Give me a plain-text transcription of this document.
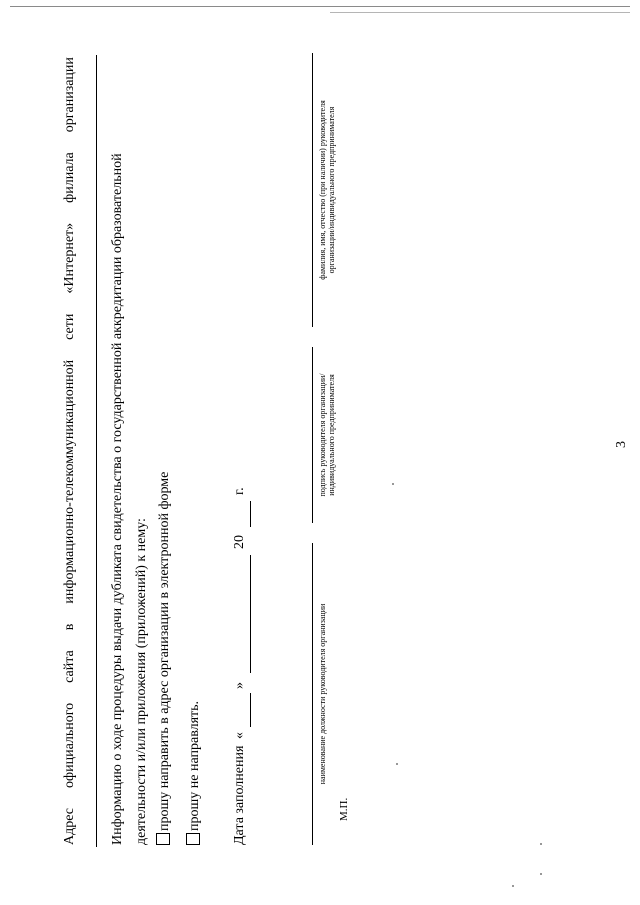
3
Адрес
официального
сайта
в
информационно-телекоммуникационной
сети
«Интернет»
филиала
организации
Информацию о ходе процедуры выдачи дубликата свидетельства о государственной аккредитации образовательной деятельности и/или приложения (приложений) к нему: прошу направить в адрес организации в электронной форме прошу не направлять. Дата заполнения
«
»
20
г.
наименование должности руководителя организации
подпись руководителя организации/ индивидуального предпринимателя
фамилия, имя, отчество (при наличии) руководителя организации/индивидуального предпринимателя
М.П.
